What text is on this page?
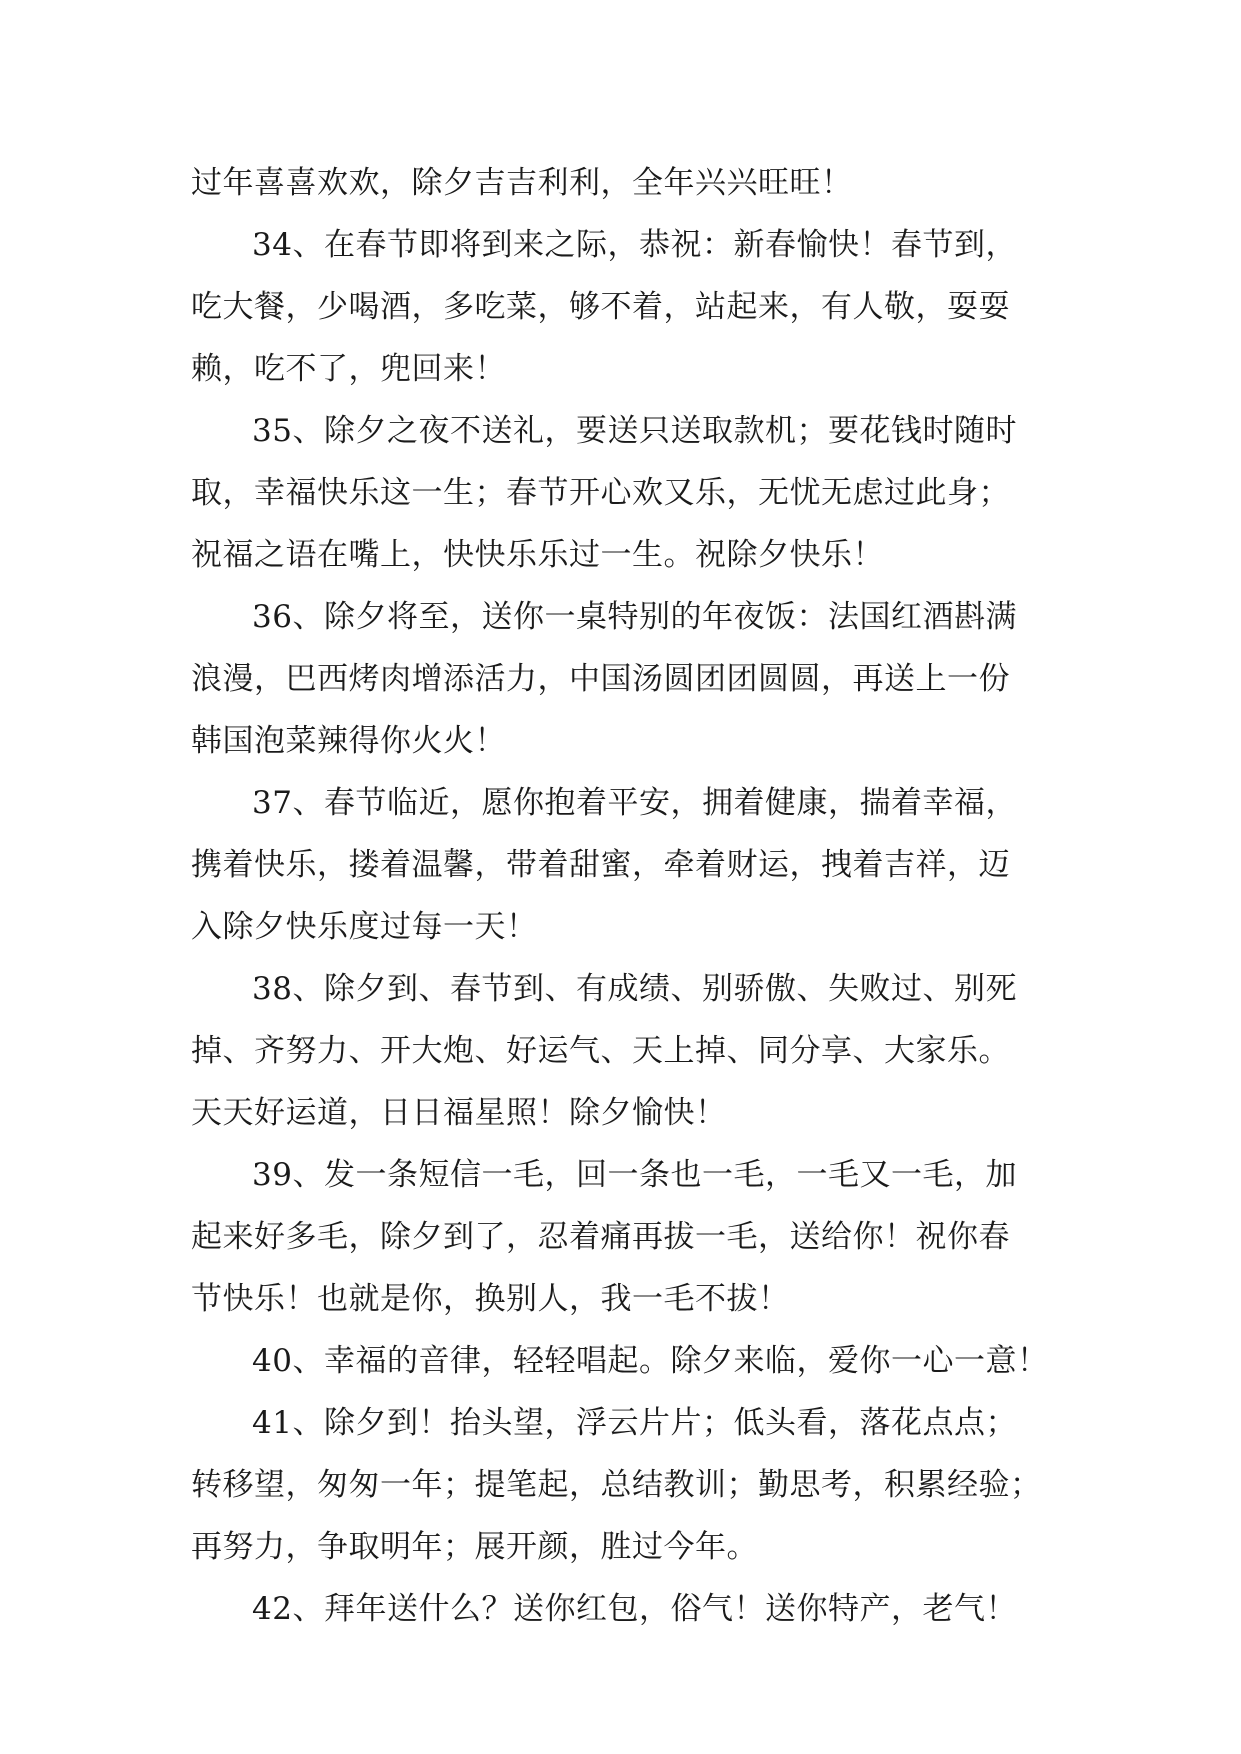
过年喜喜欢欢，除夕吉吉利利，全年兴兴旺旺！
34、在春节即将到来之际，恭祝：新春愉快！春节到，
吃大餐，少喝酒，多吃菜，够不着，站起来，有人敬，耍耍
赖，吃不了，兜回来！
35、除夕之夜不送礼，要送只送取款机；要花钱时随时
取，幸福快乐这一生；春节开心欢又乐，无忧无虑过此身；
祝福之语在嘴上，快快乐乐过一生。祝除夕快乐！
36、除夕将至，送你一桌特别的年夜饭：法国红酒斟满
浪漫，巴西烤肉增添活力，中国汤圆团团圆圆，再送上一份
韩国泡菜辣得你火火！
37、春节临近，愿你抱着平安，拥着健康，揣着幸福，
携着快乐，搂着温馨，带着甜蜜，牵着财运，拽着吉祥，迈
入除夕快乐度过每一天！
38、除夕到、春节到、有成绩、别骄傲、失败过、别死
掉、齐努力、开大炮、好运气、天上掉、同分享、大家乐。
天天好运道，日日福星照！除夕愉快！
39、发一条短信一毛，回一条也一毛，一毛又一毛，加
起来好多毛，除夕到了，忍着痛再拔一毛，送给你！祝你春
节快乐！也就是你，换别人，我一毛不拔！
40、幸福的音律，轻轻唱起。除夕来临，爱你一心一意！
41、除夕到！抬头望，浮云片片；低头看，落花点点；
转移望，匆匆一年；提笔起，总结教训；勤思考，积累经验；
再努力，争取明年；展开颜，胜过今年。
42、拜年送什么？送你红包，俗气！送你特产，老气！
